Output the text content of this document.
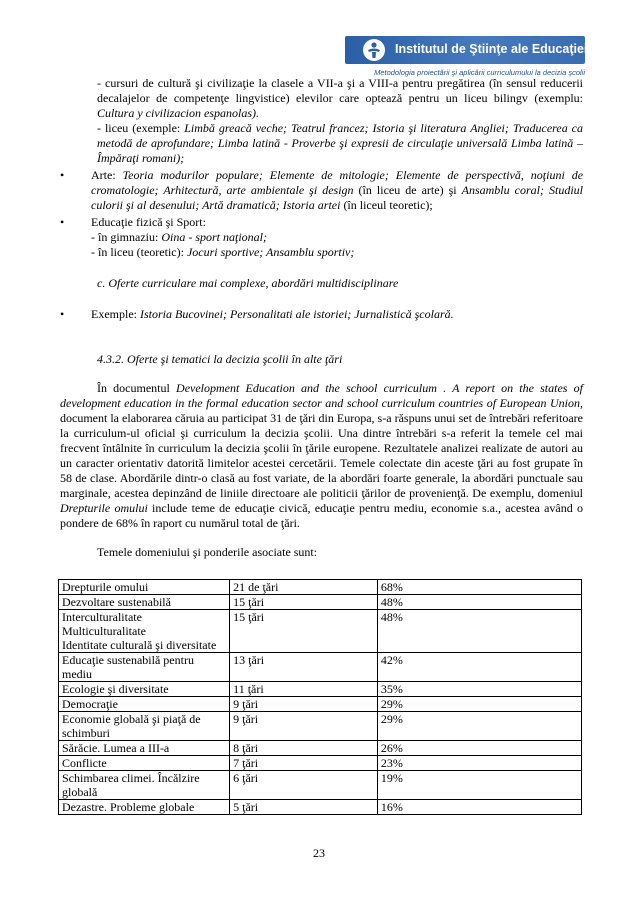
Institutul de Ştiinţe ale Educaţiei
Metodologia proiectării şi aplicării curriculumului la decizia şcolii

- cursuri de cultură şi civilizaţie la clasele a VII-a şi a VIII-a pentru pregătirea (în sensul reducerii decalajelor de competenţe lingvistice) elevilor care optează pentru un liceu bilingv (exemplu: Cultura y civilizacion espanolas).

- liceu (exemple: Limbă greacă veche; Teatrul francez; Istoria şi literatura Angliei; Traducerea ca metodă de aprofundare; Limba latină - Proverbe şi expresii de circulaţie universală Limba latină – Împăraţi romani);

• Arte: Teoria modurilor populare; Elemente de mitologie; Elemente de perspectivă, noţiuni de cromatologie; Arhitectură, arte ambientale şi design (în liceu de arte) şi Ansamblu coral; Studiul culorii şi al desenului; Artă dramatică; Istoria artei (în liceul teoretic);

• Educaţie fizică şi Sport:

- în gimnaziu: Oina - sport naţional;

- în liceu (teoretic): Jocuri sportive; Ansamblu sportiv;

c. Oferte curriculare mai complexe, abordări multidisciplinare

• Exemple: Istoria Bucovinei; Personalitati ale istoriei; Jurnalistică şcolară.

4.3.2. Oferte şi tematici la decizia şcolii în alte ţări

În documentul Development Education and the school curriculum . A report on the states of development education in the formal education sector and school curriculum countries of European Union, document la elaborarea căruia au participat 31 de ţări din Europa, s-a răspuns unui set de întrebări referitoare la curriculum-ul oficial şi curriculum la decizia şcolii. Una dintre întrebări s-a referit la temele cel mai frecvent întâlnite în curriculum la decizia şcolii în ţările europene. Rezultatele analizei realizate de autori au un caracter orientativ datorită limitelor acestei cercetării. Temele colectate din aceste ţări au fost grupate în 58 de clase. Abordările dintr-o clasă au fost variate, de la abordări foarte generale, la abordări punctuale sau marginale, acestea depinzând de liniile directoare ale politicii ţărilor de provenienţă. De exemplu, domeniul Drepturile omului include teme de educaţie civică, educaţie pentru mediu, economie s.a., acestea având o pondere de 68% în raport cu numărul total de ţări.

Temele domeniului şi ponderile asociate sunt:

Drepturile omului	21 de ţări	68%
Dezvoltare sustenabilă	15 ţări	48%
Interculturalitate
Multiculturalitate
Identitate culturală şi diversitate	15 ţări	48%
Educaţie sustenabilă pentru mediu	13 ţări	42%
Ecologie şi diversitate	11 ţări	35%
Democraţie	9 ţări	29%
Economie globală şi piaţă de schimburi	9 ţări	29%
Sărăcie. Lumea a III-a	8 ţări	26%
Conflicte	7 ţări	23%
Schimbarea climei. Încălzire globală	6 ţări	19%
Dezastre. Probleme globale	5 ţări	16%
23
